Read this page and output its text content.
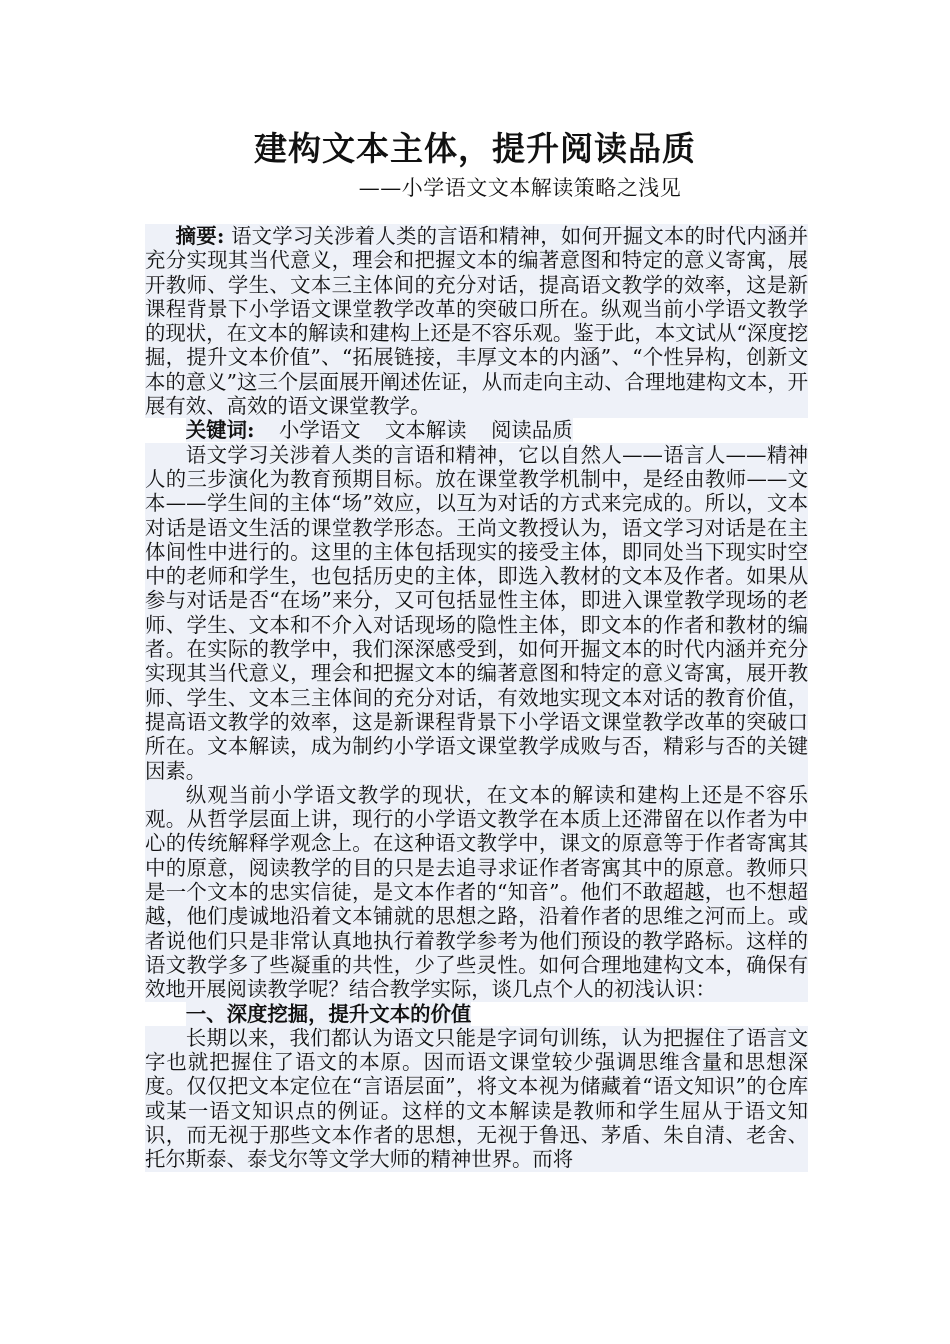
建构文本主体，提升阅读品质
——小学语文文本解读策略之浅见

摘要: 语文学习关涉着人类的言语和精神，如何开掘文本的时代内涵并充分实现其当代意义，理会和把握文本的编著意图和特定的意义寄寓，展开教师、学生、文本三主体间的充分对话，提高语文教学的效率，这是新课程背景下小学语文课堂教学改革的突破口所在。纵观当前小学语文教学的现状，在文本的解读和建构上还是不容乐观。鉴于此，本文试从“深度挖掘，提升文本价值”、“拓展链接，丰厚文本的内涵”、“个性异构，创新文本的意义”这三个层面展开阐述佐证，从而走向主动、合理地建构文本，开展有效、高效的语文课堂教学。

关键词: 小学语文 文本解读 阅读品质

语文学习关涉着人类的言语和精神，它以自然人——语言人——精神人的三步演化为教育预期目标。放在课堂教学机制中，是经由教师——文本——学生间的主体“场”效应，以互为对话的方式来完成的。所以，文本对话是语文生活的课堂教学形态。王尚文教授认为，语文学习对话是在主体间性中进行的。这里的主体包括现实的接受主体，即同处当下现实时空中的老师和学生，也包括历史的主体，即选入教材的文本及作者。如果从参与对话是否“在场”来分，又可包括显性主体，即进入课堂教学现场的老师、学生、文本和不介入对话现场的隐性主体，即文本的作者和教材的编者。在实际的教学中，我们深深感受到，如何开掘文本的时代内涵并充分实现其当代意义，理会和把握文本的编著意图和特定的意义寄寓，展开教师、学生、文本三主体间的充分对话，有效地实现文本对话的教育价值，提高语文教学的效率，这是新课程背景下小学语文课堂教学改革的突破口所在。文本解读，成为制约小学语文课堂教学成败与否，精彩与否的关键因素。

纵观当前小学语文教学的现状，在文本的解读和建构上还是不容乐观。从哲学层面上讲，现行的小学语文教学在本质上还滞留在以作者为中心的传统解释学观念上。在这种语文教学中，课文的原意等于作者寄寓其中的原意，阅读教学的目的只是去追寻求证作者寄寓其中的原意。教师只是一个文本的忠实信徒，是文本作者的“知音”。他们不敢超越，也不想超越，他们虔诚地沿着文本铺就的思想之路，沿着作者的思维之河而上。或者说他们只是非常认真地执行着教学参考为他们预设的教学路标。这样的语文教学多了些凝重的共性，少了些灵性。如何合理地建构文本，确保有效地开展阅读教学呢？结合教学实际，谈几点个人的初浅认识：

一、深度挖掘，提升文本的价值

长期以来，我们都认为语文只能是字词句训练，认为把握住了语言文字也就把握住了语文的本原。因而语文课堂较少强调思维含量和思想深度。仅仅把文本定位在“言语层面”，将文本视为储藏着“语文知识”的仓库或某一语文知识点的例证。这样的文本解读是教师和学生屈从于语文知识，而无视于那些文本作者的思想，无视于鲁迅、茅盾、朱自清、老舍、托尔斯泰、泰戈尔等文学大师的精神世界。而将
